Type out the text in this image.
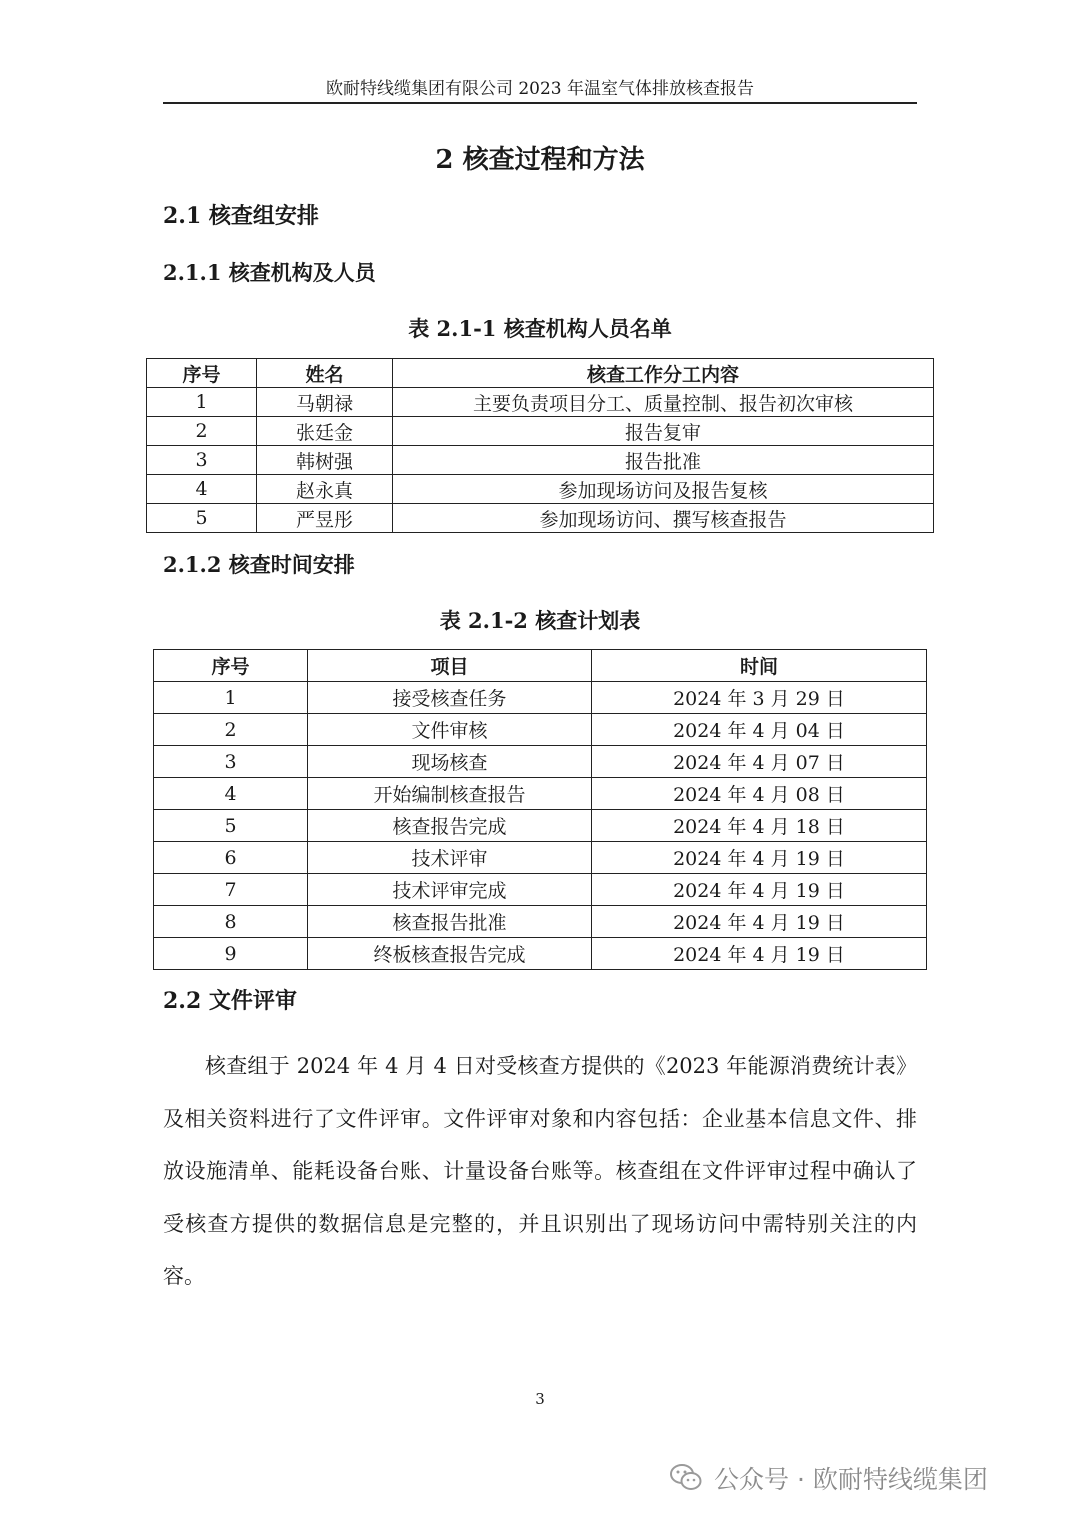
欧耐特线缆集团有限公司 2023 年温室气体排放核查报告
2 核查过程和方法
2.1 核查组安排
2.1.1 核查机构及人员
表 2.1-1 核查机构人员名单
序号	姓名	核查工作分工内容
1	马朝禄	主要负责项目分工、质量控制、报告初次审核
2	张廷金	报告复审
3	韩树强	报告批准
4	赵永真	参加现场访问及报告复核
5	严昱彤	参加现场访问、撰写核查报告
2.1.2 核查时间安排
表 2.1-2 核查计划表
序号	项目	时间
1	接受核查任务	2024 年 3 月 29 日
2	文件审核	2024 年 4 月 04 日
3	现场核查	2024 年 4 月 07 日
4	开始编制核查报告	2024 年 4 月 08 日
5	核查报告完成	2024 年 4 月 18 日
6	技术评审	2024 年 4 月 19 日
7	技术评审完成	2024 年 4 月 19 日
8	核查报告批准	2024 年 4 月 19 日
9	终板核查报告完成	2024 年 4 月 19 日
2.2 文件评审

核查组于 2024 年 4 月 4 日对受核查方提供的《2023 年能源消费统计表》及相关资料进行了文件评审。文件评审对象和内容包括：企业基本信息文件、排放设施清单、能耗设备台账、计量设备台账等。核查组在文件评审过程中确认了受核查方提供的数据信息是完整的，并且识别出了现场访问中需特别关注的内容。

3
公众号 · 欧耐特线缆集团
